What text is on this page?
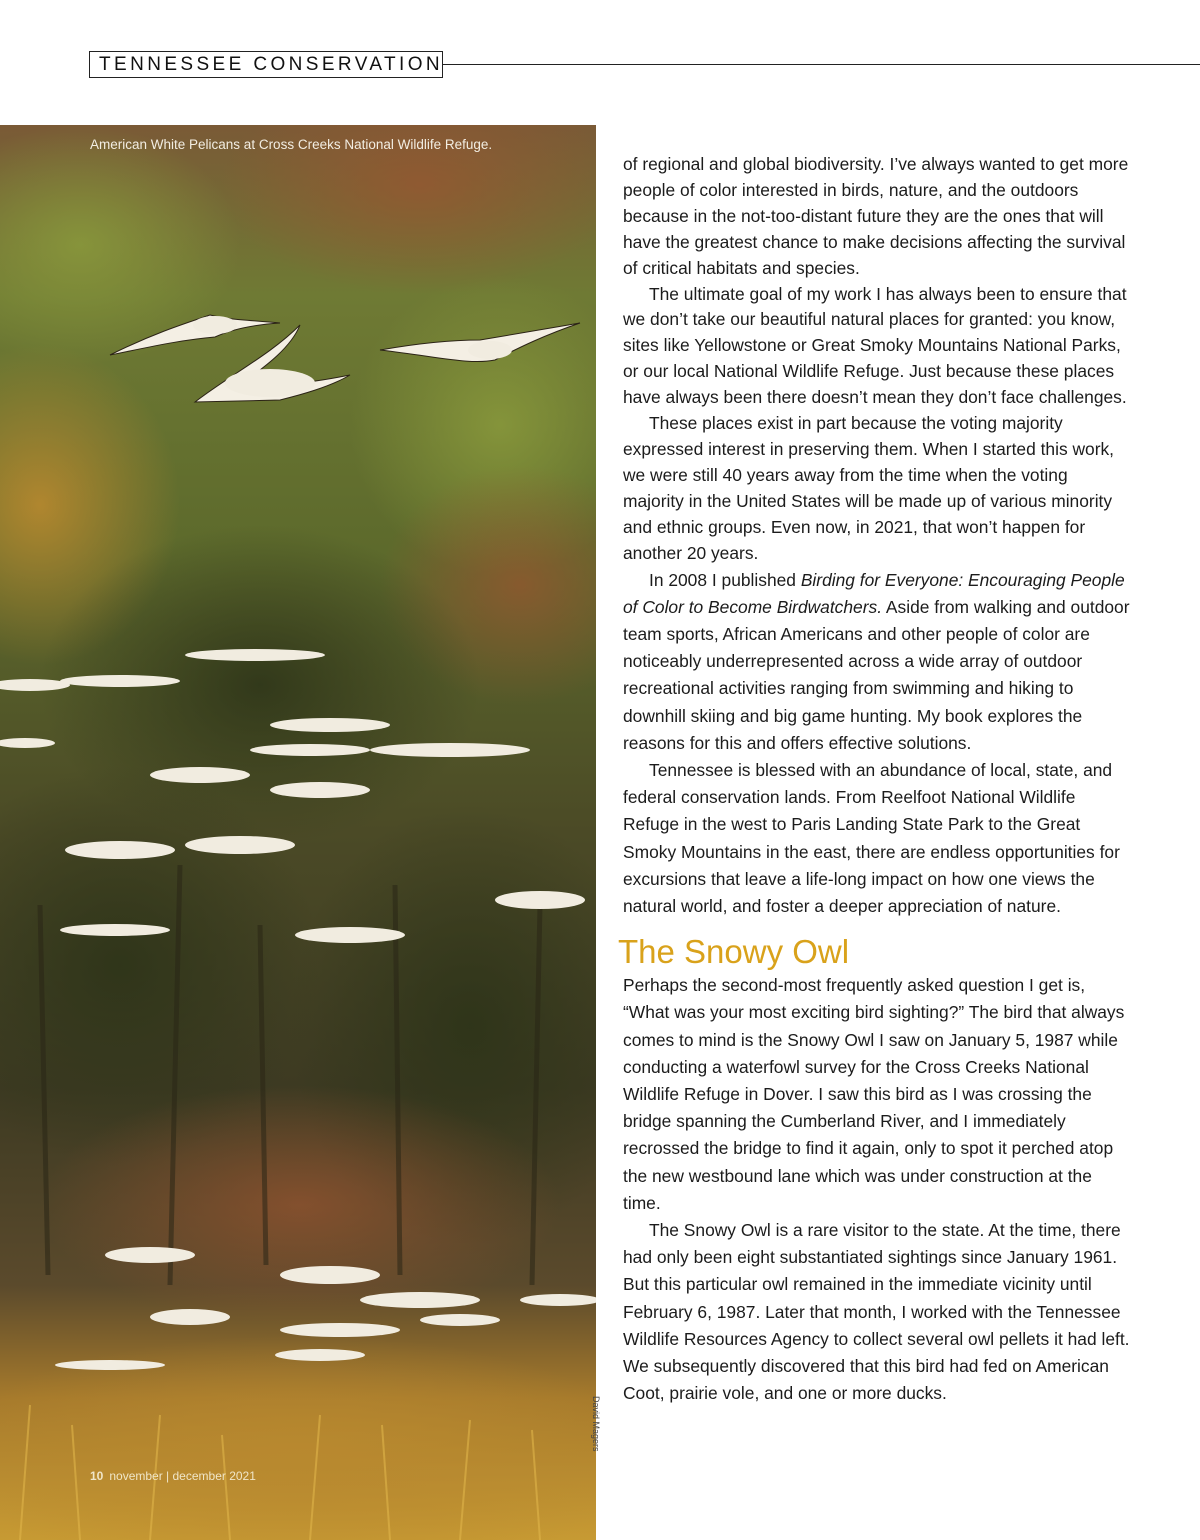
TENNESSEE CONSERVATION
American White Pelicans at Cross Creeks National Wildlife Refuge.
David Magers
10 november | december 2021

of regional and global biodiversity. I’ve always wanted to get more people of color interested in birds, nature, and the outdoors because in the not-too-distant future they are the ones that will have the greatest chance to make decisions affecting the survival of critical habitats and species.

The ultimate goal of my work I has always been to ensure that we don’t take our beautiful natural places for granted: you know, sites like Yellowstone or Great Smoky Mountains National Parks, or our local National Wildlife Refuge. Just because these places have always been there doesn’t mean they don’t face challenges.

These places exist in part because the voting majority expressed interest in preserving them. When I started this work, we were still 40 years away from the time when the voting majority in the United States will be made up of various minority and ethnic groups. Even now, in 2021, that won’t happen for another 20 years.

In 2008 I published Birding for Everyone: Encouraging People of Color to Become Birdwatchers. Aside from walking and outdoor team sports, African Americans and other people of color are noticeably underrepresented across a wide array of outdoor recreational activities ranging from swimming and hiking to downhill skiing and big game hunting. My book explores the reasons for this and offers effective solutions.

Tennessee is blessed with an abundance of local, state, and federal conservation lands. From Reelfoot National Wildlife Refuge in the west to Paris Landing State Park to the Great Smoky Mountains in the east, there are endless opportunities for excursions that leave a life-long impact on how one views the natural world, and foster a deeper appreciation of nature.

The Snowy Owl

Perhaps the second-most frequently asked question I get is, “What was your most exciting bird sighting?” The bird that always comes to mind is the Snowy Owl I saw on January 5, 1987 while conducting a waterfowl survey for the Cross Creeks National Wildlife Refuge in Dover. I saw this bird as I was crossing the bridge spanning the Cumberland River, and I immediately recrossed the bridge to find it again, only to spot it perched atop the new westbound lane which was under construction at the time.

The Snowy Owl is a rare visitor to the state. At the time, there had only been eight substantiated sightings since January 1961. But this particular owl remained in the immediate vicinity until February 6, 1987. Later that month, I worked with the Tennessee Wildlife Resources Agency to collect several owl pellets it had left. We subsequently discovered that this bird had fed on American Coot, prairie vole, and one or more ducks.
